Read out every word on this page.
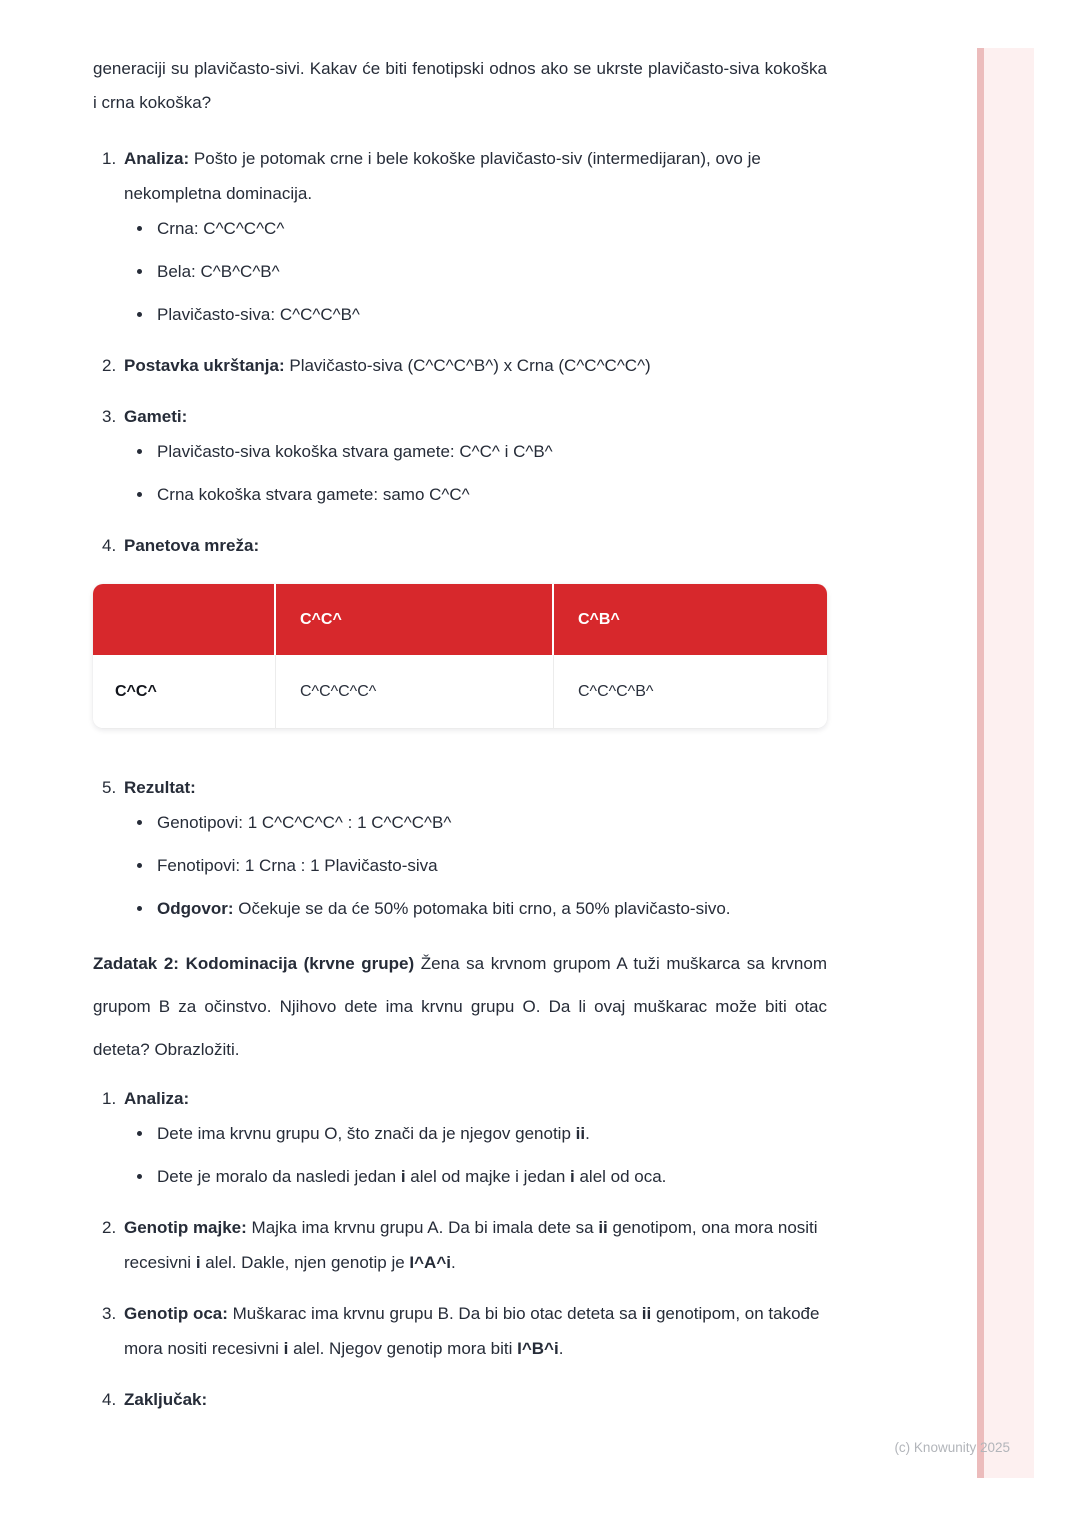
generaciji su plavičasto-sivi. Kakav će biti fenotipski odnos ako se ukrste plavičasto-siva kokoška i crna kokoška?

1. Analiza: Pošto je potomak crne i bele kokoške plavičasto-siv (intermedijaran), ovo je nekompletna dominacija.
Crna: C^C^C^C^
Bela: C^B^C^B^
Plavičasto-siva: C^C^C^B^
2. Postavka ukrštanja: Plavičasto-siva (C^C^C^B^) x Crna (C^C^C^C^)
3. Gameti:
Plavičasto-siva kokoška stvara gamete: C^C^ i C^B^
Crna kokoška stvara gamete: samo C^C^
4. Panetova mreža:
	C^C^	C^B^
C^C^	C^C^C^C^	C^C^C^B^
5. Rezultat:
Genotipovi: 1 C^C^C^C^ : 1 C^C^C^B^
Fenotipovi: 1 Crna : 1 Plavičasto-siva
Odgovor: Očekuje se da će 50% potomaka biti crno, a 50% plavičasto-sivo.

Zadatak 2: Kodominacija (krvne grupe) Žena sa krvnom grupom A tuži muškarca sa krvnom grupom B za očinstvo. Njihovo dete ima krvnu grupu O. Da li ovaj muškarac može biti otac deteta? Obrazložiti.

1. Analiza:
Dete ima krvnu grupu O, što znači da je njegov genotip ii.
Dete je moralo da nasledi jedan i alel od majke i jedan i alel od oca.
2. Genotip majke: Majka ima krvnu grupu A. Da bi imala dete sa ii genotipom, ona mora nositi recesivni i alel. Dakle, njen genotip je I^A^i.
3. Genotip oca: Muškarac ima krvnu grupu B. Da bi bio otac deteta sa ii genotipom, on takođe mora nositi recesivni i alel. Njegov genotip mora biti I^B^i.
4. Zaključak:
(c) Knowunity 2025
